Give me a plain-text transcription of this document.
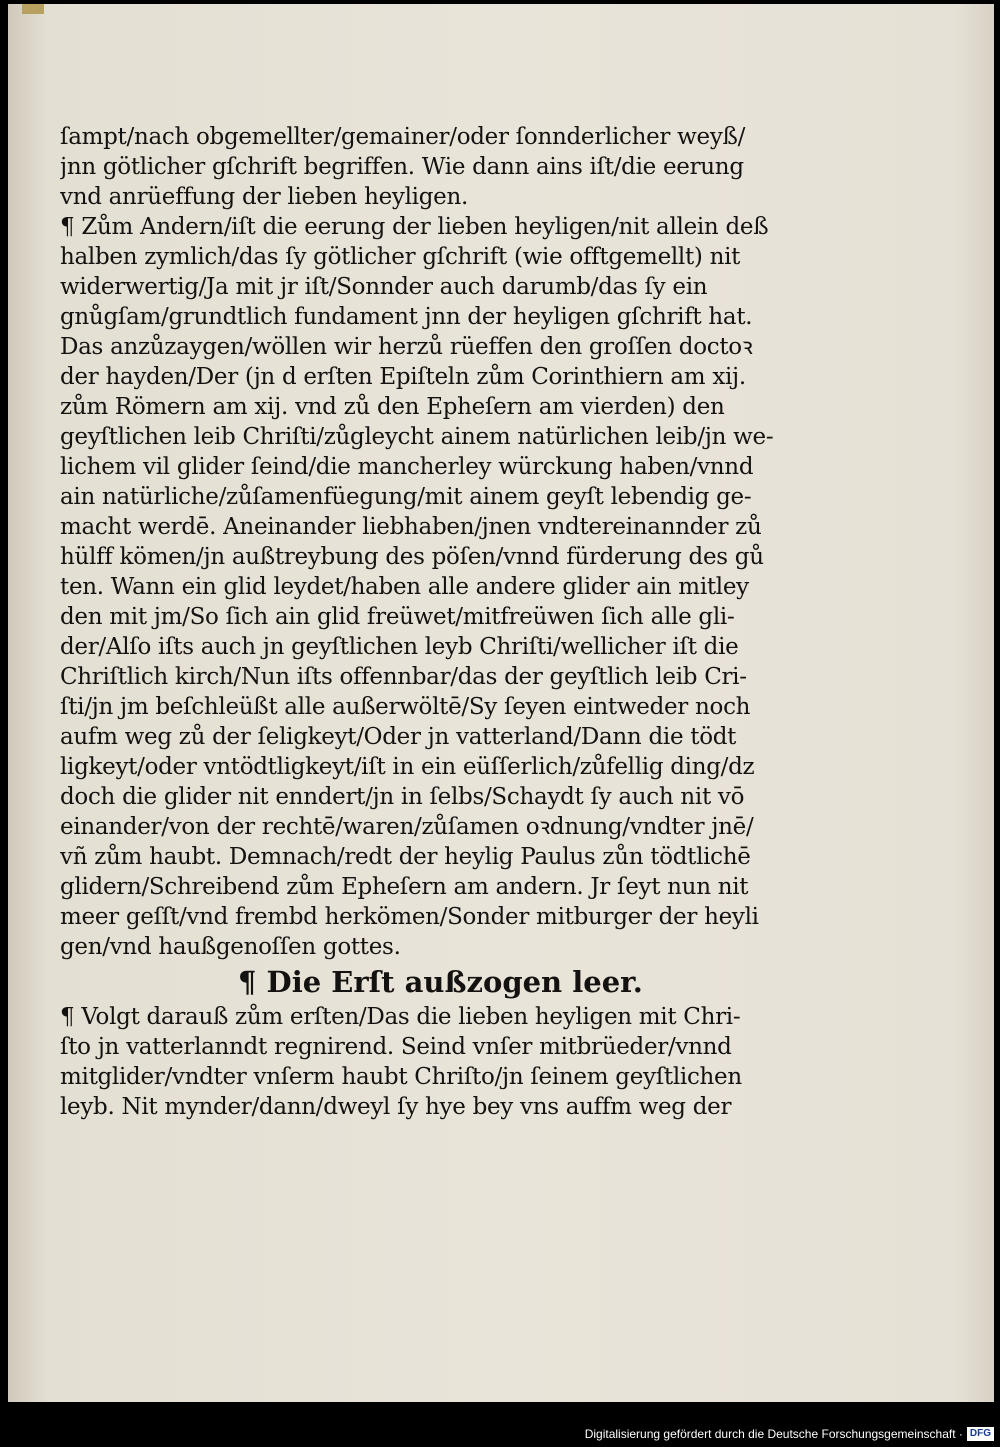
ſampt/nach obgemellter/gemainer/oder ſonnderlicher weyß/
jnn götlicher gſchrift begriffen. Wie dann ains iſt/die eerung
vnd anrüeffung der lieben heyligen.
¶ Zům Andern/iſt die eerung der lieben heyligen/nit allein deß
halben zymlich/das ſy götlicher gſchrift (wie offtgemellt) nit
widerwertig/Ja mit jr iſt/Sonnder auch darumb/das ſy ein
gnůgſam/grundtlich fundament jnn der heyligen gſchrift hat.
Das anzůzaygen/wöllen wir herzů rüeffen den groſſen doctoꝛ
der hayden/Der (jn d erſten Epiſteln zům Corinthiern am xij.
zům Römern am xij. vnd zů den Epheſern am vierden) den
geyſtlichen leib Chriſti/zůgleycht ainem natürlichen leib/jn we‑
lichem vil glider ſeind/die mancherley würckung haben/vnnd
ain natürliche/zůſamenfüegung/mit ainem geyſt lebendig ge‑
macht werdē. Aneinander liebhaben/jnen vndtereinannder zů
hülff kömen/jn außtreybung des pöſen/vnnd fürderung des gů
ten. Wann ein glid leydet/haben alle andere glider ain mitley
den mit jm/So ſich ain glid freüwet/mitfreüwen ſich alle gli‑
der/Alſo iſts auch jn geyſtlichen leyb Chriſti/wellicher iſt die
Chriſtlich kirch/Nun iſts offennbar/das der geyſtlich leib Cri‑
ſti/jn jm beſchleüßt alle außerwöltē/Sy ſeyen eintweder noch
aufm weg zů der ſeligkeyt/Oder jn vatterland/Dann die tödt
ligkeyt/oder vntödtligkeyt/iſt in ein eüſſerlich/zůfellig ding/dz
doch die glider nit enndert/jn in ſelbs/Schaydt ſy auch nit vō
einander/von der rechtē/waren/zůſamen oꝛdnung/vndter jnē/
vñ zům haubt. Demnach/redt der heylig Paulus zůn tödtlichē
glidern/Schreibend zům Epheſern am andern. Jr ſeyt nun nit
meer geſſt/vnd frembd herkömen/Sonder mitburger der heyli
gen/vnd haußgenoſſen gottes.
¶ Die Erſt außzogen leer.
¶ Volgt darauß zům erſten/Das die lieben heyligen mit Chri‑
ſto jn vatterlanndt regnirend. Seind vnſer mitbrüeder/vnnd
mitglider/vndter vnſerm haubt Chriſto/jn ſeinem geyſtlichen
leyb. Nit mynder/dann/dweyl ſy hye bey vns auffm weg der
Digitalisierung gefördert durch die Deutsche Forschungsgemeinschaft · DFG
